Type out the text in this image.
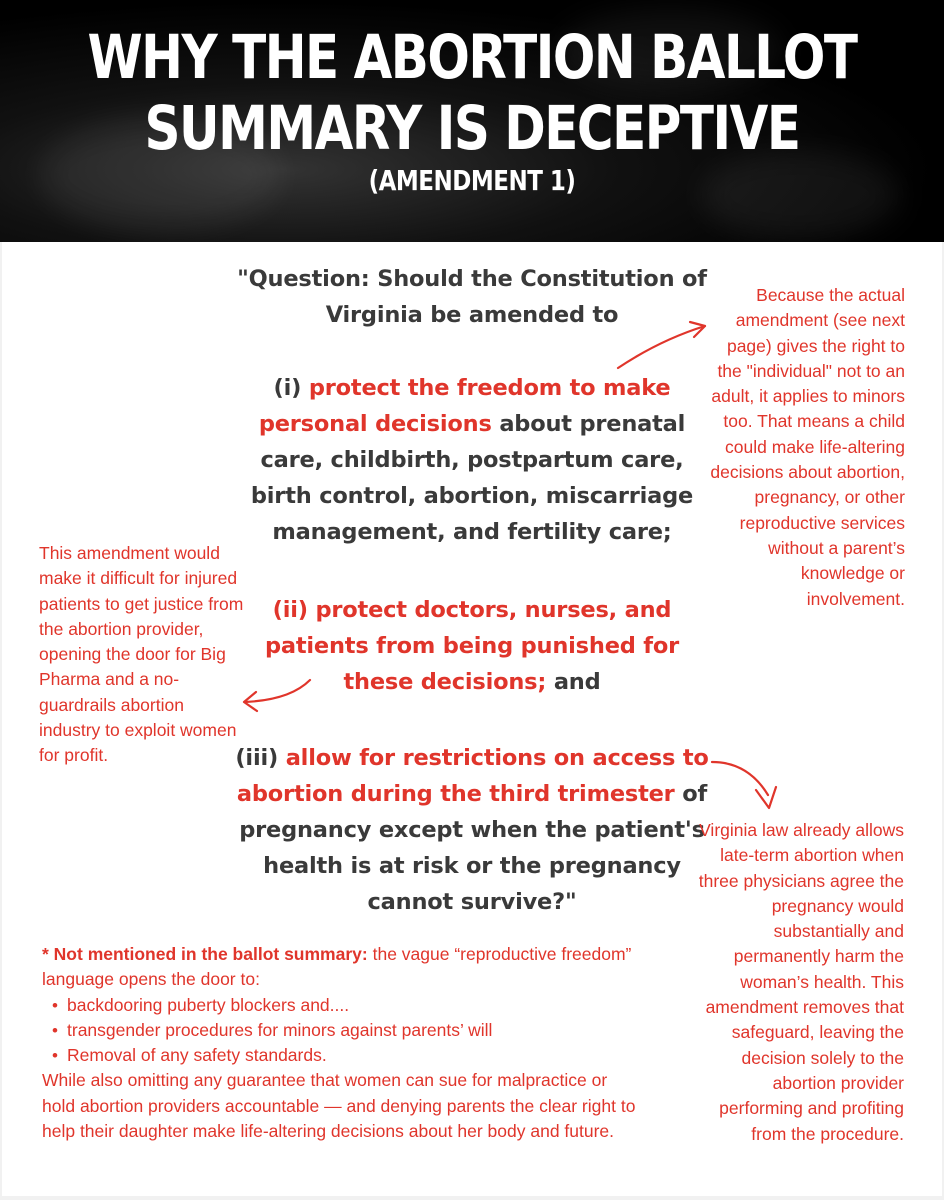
WHY THE ABORTION BALLOT
SUMMARY IS DECEPTIVE
(AMENDMENT 1)
"Question: Should the Constitution of Virginia be amended to
(i) protect the freedom to make personal decisions about prenatal care, childbirth, postpartum care, birth control, abortion, miscarriage management, and fertility care;
(ii) protect doctors, nurses, and patients from being punished for these decisions; and
(iii) allow for restrictions on access to abortion during the third trimester of pregnancy except when the patient's health is at risk or the pregnancy cannot survive?"
Because the actual amendment (see next page) gives the right to the "individual" not to an adult, it applies to minors too. That means a child could make life-altering decisions about abortion, pregnancy, or other reproductive services without a parent’s knowledge or involvement.
This amendment would make it difficult for injured patients to get justice from the abortion provider, opening the door for Big Pharma and a no-guardrails abortion industry to exploit women for profit.
Virginia law already allows late-term abortion when three physicians agree the pregnancy would substantially and permanently harm the woman’s health. This amendment removes that safeguard, leaving the decision solely to the abortion provider performing and profiting from the procedure.
* Not mentioned in the ballot summary: the vague “reproductive freedom” language opens the door to:
• backdooring puberty blockers and....
• transgender procedures for minors against parents’ will
• Removal of any safety standards.
While also omitting any guarantee that women can sue for malpractice or hold abortion providers accountable — and denying parents the clear right to help their daughter make life-altering decisions about her body and future.
